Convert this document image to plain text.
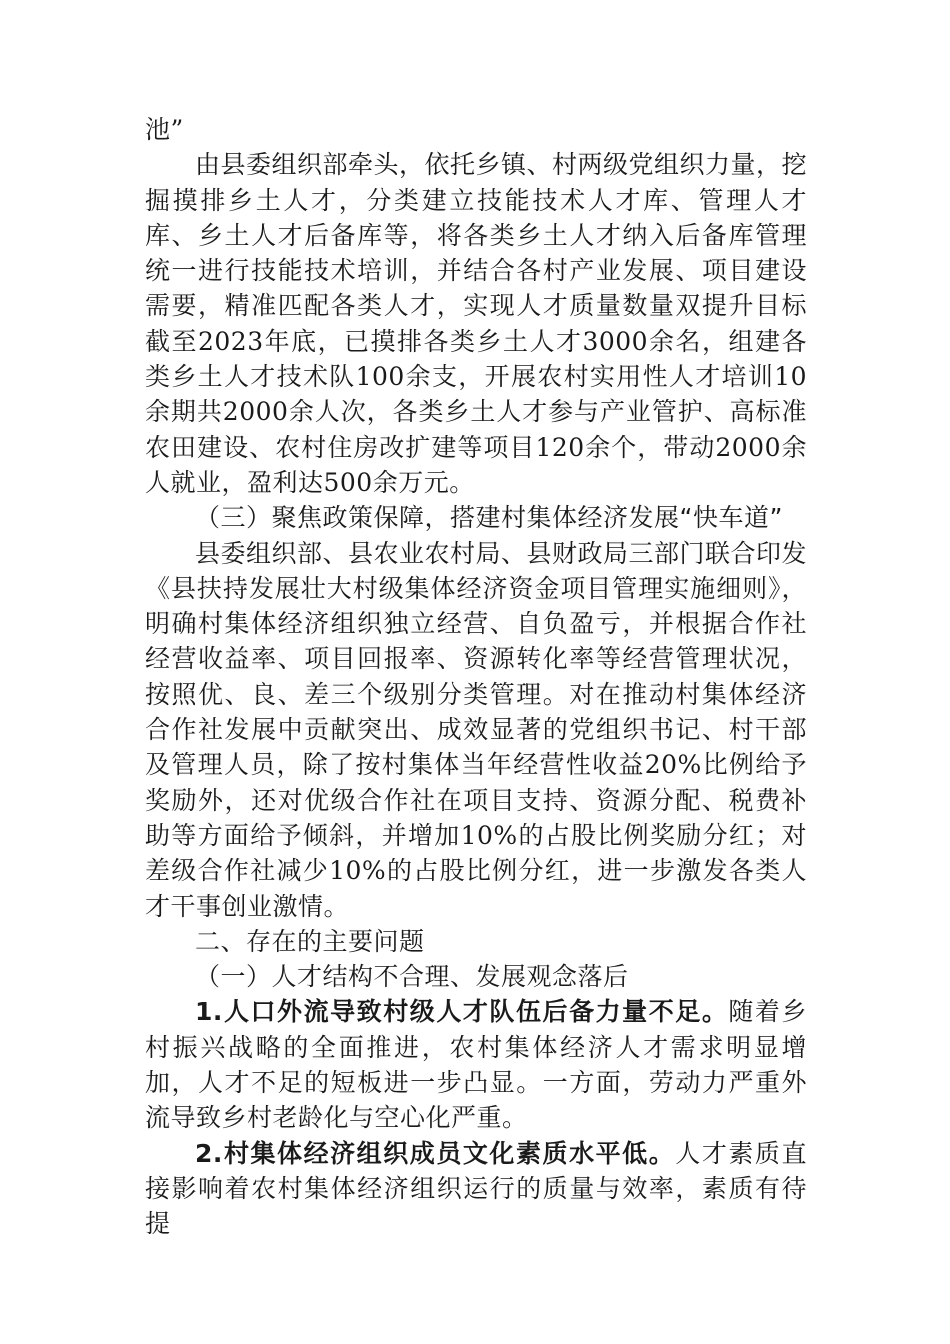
池”

由县委组织部牵头，依托乡镇、村两级党组织力量，挖掘摸排乡土人才，分类建立技能技术人才库、管理人才库、乡土人才后备库等，将各类乡土人才纳入后备库管理统一进行技能技术培训，并结合各村产业发展、项目建设需要，精准匹配各类人才，实现人才质量数量双提升目标截至2023年底，已摸排各类乡土人才3000余名，组建各类乡土人才技术队100余支，开展农村实用性人才培训10余期共2000余人次，各类乡土人才参与产业管护、高标准农田建设、农村住房改扩建等项目120余个，带动2000余人就业，盈利达500余万元。

（三）聚焦政策保障，搭建村集体经济发展“快车道”

县委组织部、县农业农村局、县财政局三部门联合印发《县扶持发展壮大村级集体经济资金项目管理实施细则》，明确村集体经济组织独立经营、自负盈亏，并根据合作社经营收益率、项目回报率、资源转化率等经营管理状况，按照优、良、差三个级别分类管理。对在推动村集体经济合作社发展中贡献突出、成效显著的党组织书记、村干部及管理人员，除了按村集体当年经营性收益20%比例给予奖励外，还对优级合作社在项目支持、资源分配、税费补助等方面给予倾斜，并增加10%的占股比例奖励分红；对差级合作社减少10%的占股比例分红，进一步激发各类人才干事创业激情。

二、存在的主要问题

（一）人才结构不合理、发展观念落后

1.人口外流导致村级人才队伍后备力量不足。随着乡村振兴战略的全面推进，农村集体经济人才需求明显增加，人才不足的短板进一步凸显。一方面，劳动力严重外流导致乡村老龄化与空心化严重。

2.村集体经济组织成员文化素质水平低。人才素质直接影响着农村集体经济组织运行的质量与效率，素质有待提
